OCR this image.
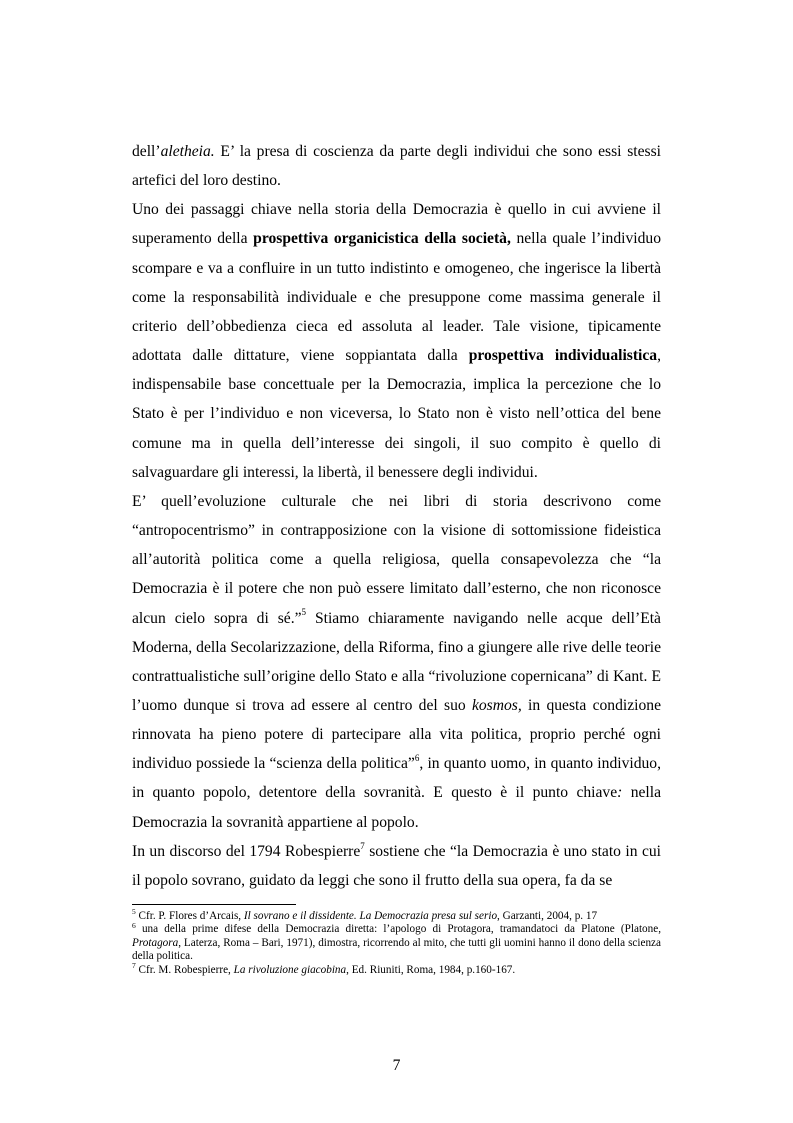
dell’aletheia. E’ la presa di coscienza da parte degli individui che sono essi stessi artefici del loro destino.

Uno dei passaggi chiave nella storia della Democrazia è quello in cui avviene il superamento della prospettiva organicistica della società, nella quale l’individuo scompare e va a confluire in un tutto indistinto e omogeneo, che ingerisce la libertà come la responsabilità individuale e che presuppone come massima generale il criterio dell’obbedienza cieca ed assoluta al leader. Tale visione, tipicamente adottata dalle dittature, viene soppiantata dalla prospettiva individualistica, indispensabile base concettuale per la Democrazia, implica la percezione che lo Stato è per l’individuo e non viceversa, lo Stato non è visto nell’ottica del bene comune ma in quella dell’interesse dei singoli, il suo compito è quello di salvaguardare gli interessi, la libertà, il benessere degli individui.

E’ quell’evoluzione culturale che nei libri di storia descrivono come “antropocentrismo” in contrapposizione con la visione di sottomissione fideistica all’autorità politica come a quella religiosa, quella consapevolezza che “la Democrazia è il potere che non può essere limitato dall’esterno, che non riconosce alcun cielo sopra di sé.”$^5$ Stiamo chiaramente navigando nelle acque dell’Età Moderna, della Secolarizzazione, della Riforma, fino a giungere alle rive delle teorie contrattualistiche sull’origine dello Stato e alla “rivoluzione copernicana” di Kant. E l’uomo dunque si trova ad essere al centro del suo kosmos, in questa condizione rinnovata ha pieno potere di partecipare alla vita politica, proprio perché ogni individuo possiede la “scienza della politica”$^6$, in quanto uomo, in quanto individuo, in quanto popolo, detentore della sovranità. E questo è il punto chiave: nella Democrazia la sovranità appartiene al popolo.

In un discorso del 1794 Robespierre$^7$ sostiene che “la Democrazia è uno stato in cui il popolo sovrano, guidato da leggi che sono il frutto della sua opera, fa da se

$^5$ Cfr. P. Flores d’Arcais, Il sovrano e il dissidente. La Democrazia presa sul serio, Garzanti, 2004, p. 17

$^6$ una della prime difese della Democrazia diretta: l’apologo di Protagora, tramandatoci da Platone (Platone, Protagora, Laterza, Roma – Bari, 1971), dimostra, ricorrendo al mito, che tutti gli uomini hanno il dono della scienza della politica.

$^7$ Cfr. M. Robespierre, La rivoluzione giacobina, Ed. Riuniti, Roma, 1984, p.160-167.

7
